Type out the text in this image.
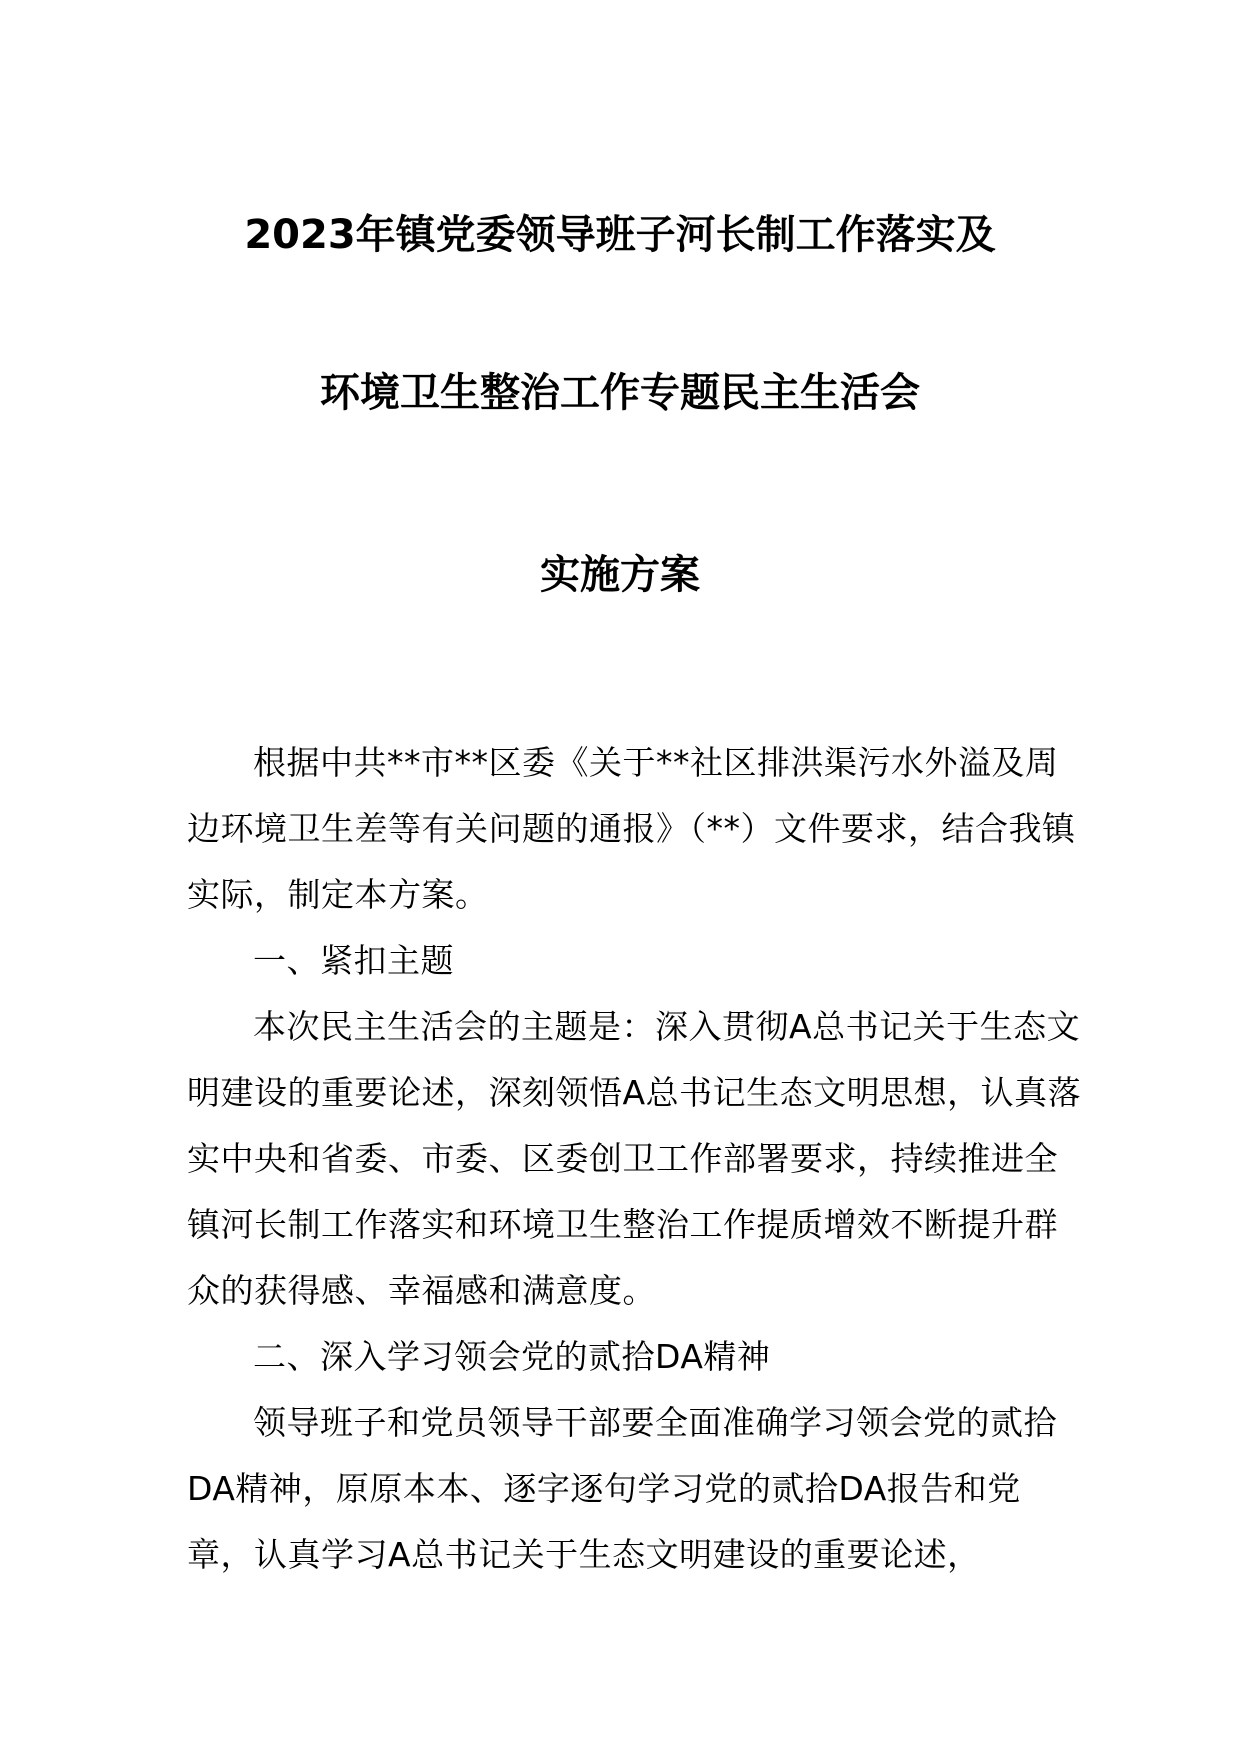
2023年镇党委领导班子河长制工作落实及
环境卫生整治工作专题民主生活会
实施方案

根据中共**市**区委《关于**社区排洪渠污水外溢及周边环境卫生差等有关问题的通报》（**）文件要求，结合我镇实际，制定本方案。

一、紧扣主题

本次民主生活会的主题是：深入贯彻A总书记关于生态文明建设的重要论述，深刻领悟A总书记生态文明思想，认真落实中央和省委、市委、区委创卫工作部署要求，持续推进全镇河长制工作落实和环境卫生整治工作提质增效不断提升群众的获得感、幸福感和满意度。

二、深入学习领会党的贰拾DA精神

领导班子和党员领导干部要全面准确学习领会党的贰拾DA精神，原原本本、逐字逐句学习党的贰拾DA报告和党章，认真学习A总书记关于生态文明建设的重要论述，
